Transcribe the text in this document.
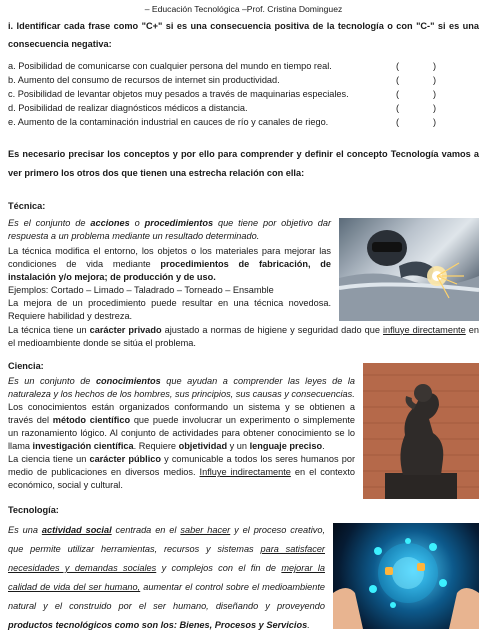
– Educación Tecnológica –Prof. Cristina Dominguez
i. Identificar cada frase como "C+" si es una consecuencia positiva de la tecnología o con "C-" si es una consecuencia negativa:
a. Posibilidad de comunicarse con cualquier persona del mundo en tiempo real.	(	)
b. Aumento del consumo de recursos de internet sin productividad.	(	)
c. Posibilidad de levantar objetos muy pesados a través de maquinarias especiales.	(	)
d. Posibilidad de realizar diagnósticos médicos a distancia.	(	)
e. Aumento de la contaminación industrial en cauces de río y canales de riego.	(	)
Es necesario precisar los conceptos y por ello para comprender y definir el concepto Tecnología vamos a ver primero los otros dos que tienen una estrecha relación con ella:
Técnica:

Es el conjunto de acciones o procedimientos que tiene por objetivo dar respuesta a un problema mediante un resultado determinado.

La técnica modifica el entorno, los objetos o los materiales para mejorar las condiciones de vida mediante procedimientos de fabricación, de instalación y/o mejora; de producción y de uso.

Ejemplos: Cortado – Limado – Taladrado – Torneado – Ensamble

La mejora de un procedimiento puede resultar en una técnica novedosa. Requiere habilidad y destreza.

La técnica tiene un carácter privado ajustado a normas de higiene y seguridad dado que influye directamente en el medioambiente donde se sitúa el problema.

Ciencia:

Es un conjunto de conocimientos que ayudan a comprender las leyes de la naturaleza y los hechos de los hombres, sus principios, sus causas y consecuencias.

Los conocimientos están organizados conformando un sistema y se obtienen a través del método científico que puede involucrar un experimento o simplemente un razonamiento lógico. Al conjunto de actividades para obtener conocimiento se lo llama investigación científica. Requiere objetividad y un lenguaje preciso.

La ciencia tiene un carácter público y comunicable a todos los seres humanos por medio de publicaciones en diversos medios. Influye indirectamente en el contexto económico, social y cultural.

Tecnología:

Es una actividad social centrada en el saber hacer y el proceso creativo, que permite utilizar herramientas, recursos y sistemas para satisfacer necesidades y demandas sociales y complejos con el fin de mejorar la calidad de vida del ser humano, aumentar el control sobre el medioambiente natural y el construido por el ser humano, diseñando y proveyendo productos tecnológicos como son los: Bienes, Procesos y Servicios.
